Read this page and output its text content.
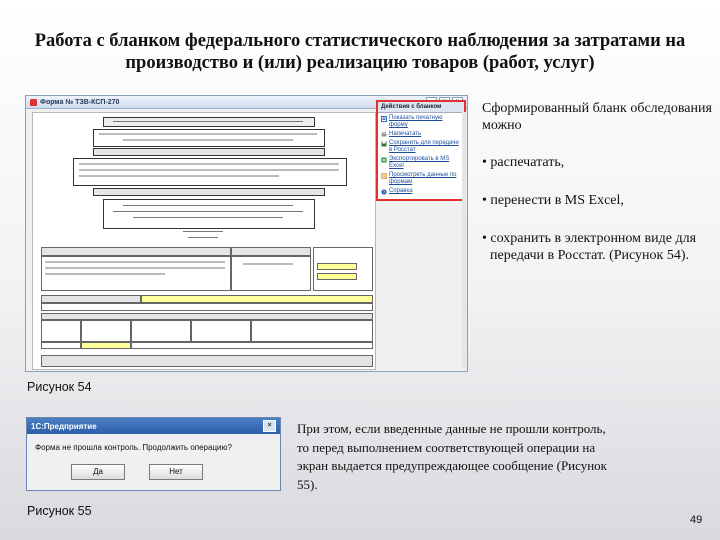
Работа с бланком федерального статистического наблюдения за затратами на производство и (или) реализацию товаров (работ, услуг)
Форма № ТЗВ-КСП-270
Действия с бланком
Показать печатную форму
Напечатать
Сохранить для передачи в Росстат
Экспортировать в MS Excel
Просмотреть данные по формам
? Справка
Рисунок 54
Сформированный бланк обследования можно
• распечатать,
• перенести в MS Excel,
• сохранить в электронном виде для передачи в Росстат. (Рисунок 54).
1С:Предприятие	×
Форма не прошла контроль. Продолжить операцию?
Да	Нет
Рисунок 55
При этом, если введенные данные не прошли контроль, то перед выполнением соответствующей операции на экран выдается предупреждающее сообщение (Рисунок 55).
49
